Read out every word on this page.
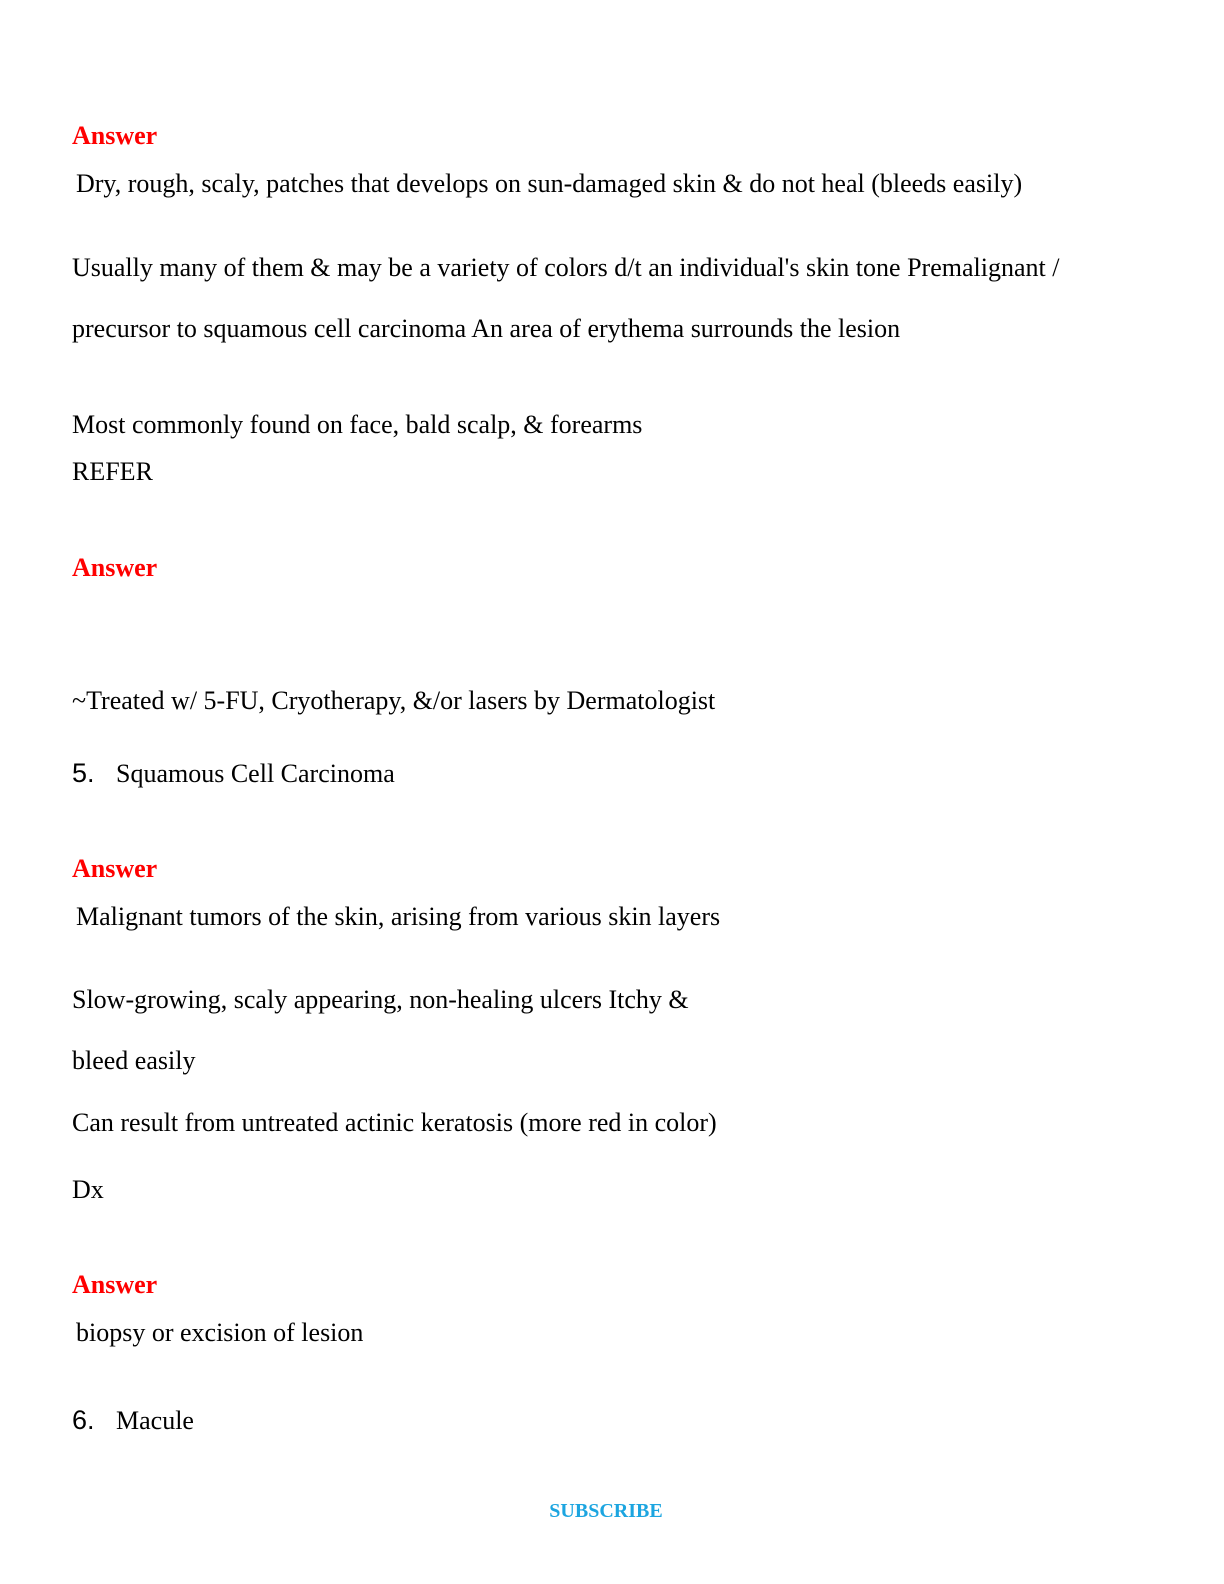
Answer
Dry, rough, scaly, patches that develops on sun-damaged skin & do not heal (bleeds easily)
Usually many of them & may be a variety of colors d/t an individual's skin tone Premalignant /
precursor to squamous cell carcinoma An area of erythema surrounds the lesion
Most commonly found on face, bald scalp, & forearms
REFER
Answer
~Treated w/ 5-FU, Cryotherapy, &/or lasers by Dermatologist
5. Squamous Cell Carcinoma
Answer
Malignant tumors of the skin, arising from various skin layers
Slow-growing, scaly appearing, non-healing ulcers Itchy &
bleed easily
Can result from untreated actinic keratosis (more red in color)
Dx
Answer
biopsy or excision of lesion
6. Macule
SUBSCRIBE
